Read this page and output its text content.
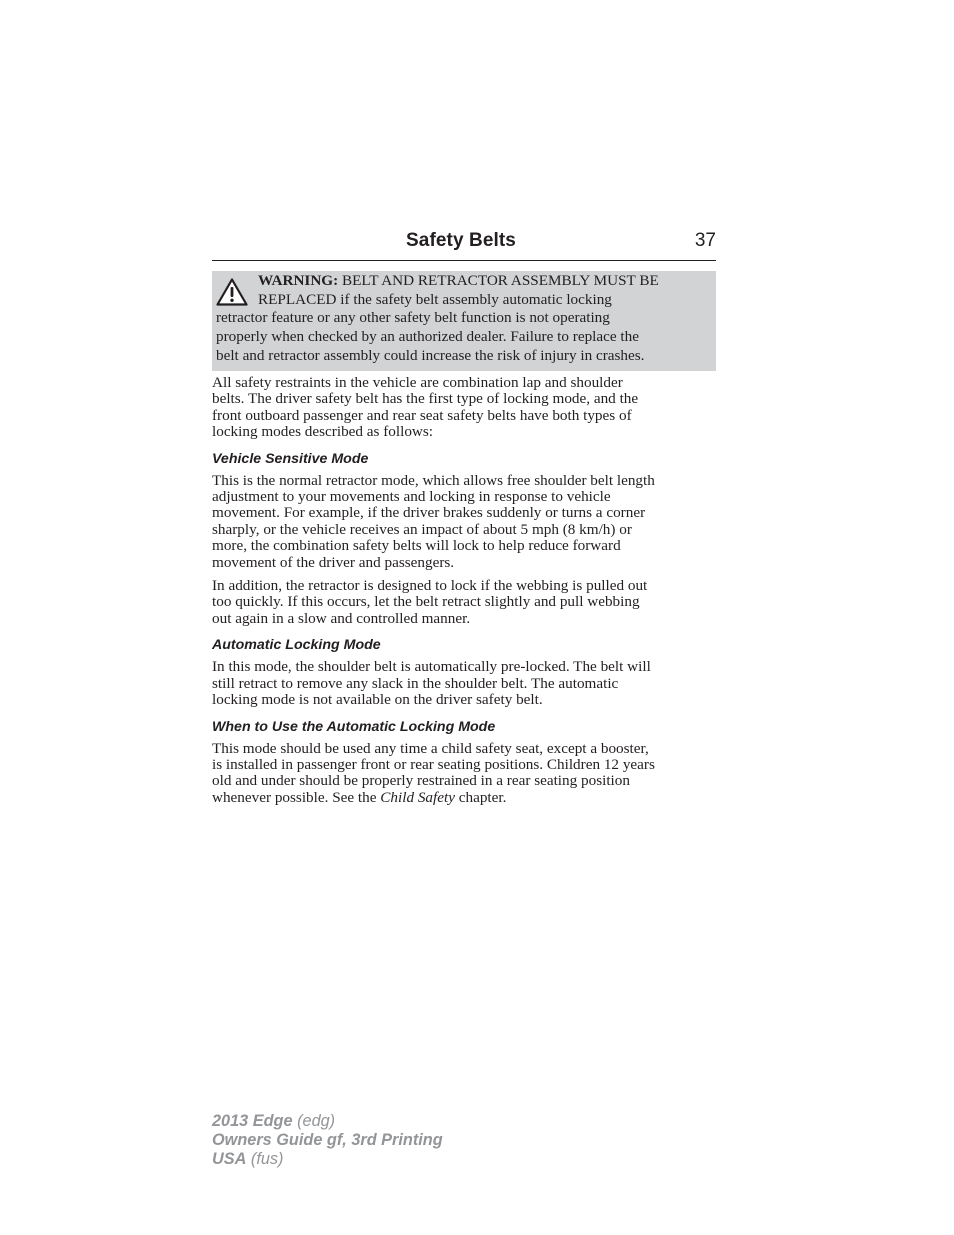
Safety Belts	37
WARNING: BELT AND RETRACTOR ASSEMBLY MUST BE
REPLACED if the safety belt assembly automatic locking
retractor feature or any other safety belt function is not operating
properly when checked by an authorized dealer. Failure to replace the
belt and retractor assembly could increase the risk of injury in crashes.
All safety restraints in the vehicle are combination lap and shoulder
belts. The driver safety belt has the first type of locking mode, and the
front outboard passenger and rear seat safety belts have both types of
locking modes described as follows:
Vehicle Sensitive Mode
This is the normal retractor mode, which allows free shoulder belt length
adjustment to your movements and locking in response to vehicle
movement. For example, if the driver brakes suddenly or turns a corner
sharply, or the vehicle receives an impact of about 5 mph (8 km/h) or
more, the combination safety belts will lock to help reduce forward
movement of the driver and passengers.
In addition, the retractor is designed to lock if the webbing is pulled out
too quickly. If this occurs, let the belt retract slightly and pull webbing
out again in a slow and controlled manner.
Automatic Locking Mode
In this mode, the shoulder belt is automatically pre-locked. The belt will
still retract to remove any slack in the shoulder belt. The automatic
locking mode is not available on the driver safety belt.
When to Use the Automatic Locking Mode
This mode should be used any time a child safety seat, except a booster,
is installed in passenger front or rear seating positions. Children 12 years
old and under should be properly restrained in a rear seating position
whenever possible. See the Child Safety chapter.
2013 Edge (edg)
Owners Guide gf, 3rd Printing
USA (fus)
